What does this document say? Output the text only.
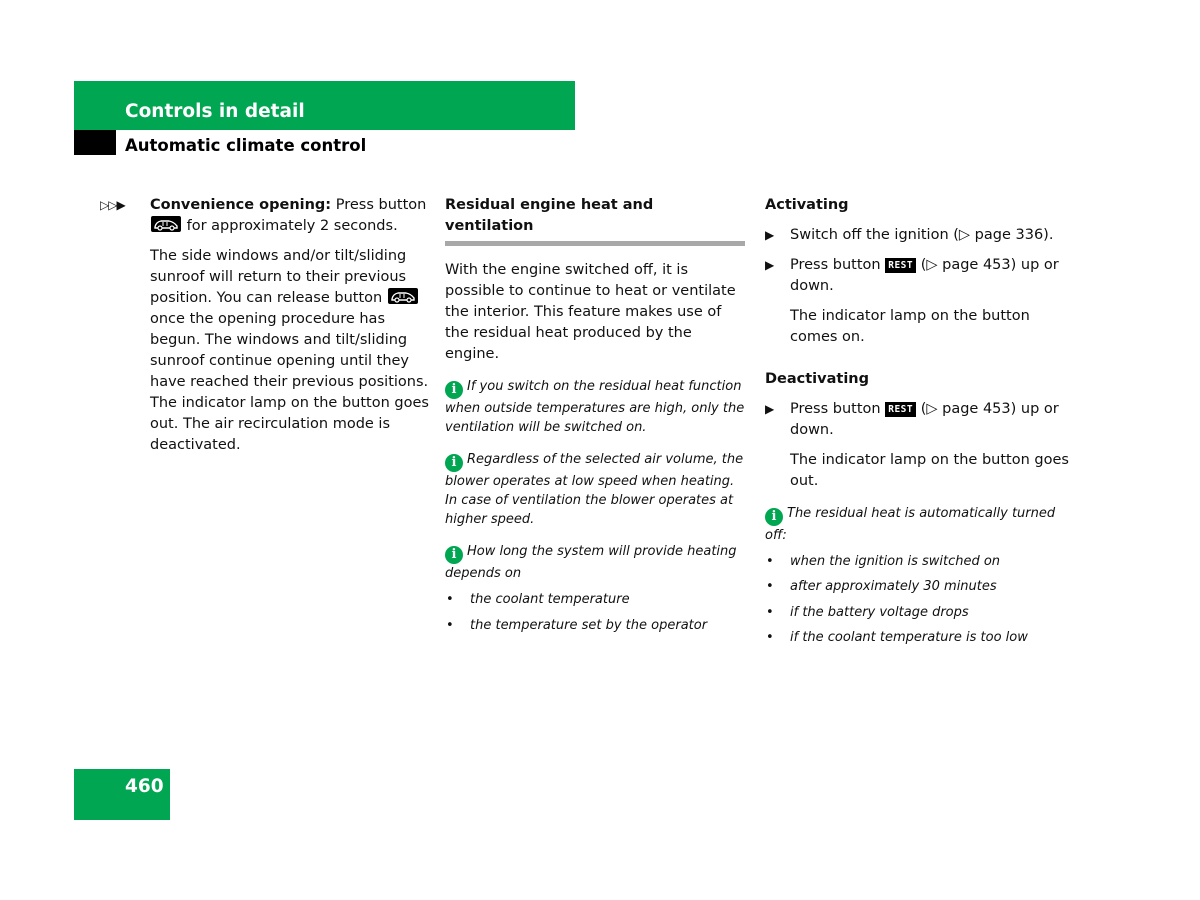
Controls in detail
Automatic climate control
▷▷▶ Convenience opening: Press button
for approximately 2 seconds.

The side windows and/or tilt/sliding sunroof will return to their previous position. You can release button
once the opening procedure has begun. The windows and tilt/sliding sunroof continue opening until they have reached their previous positions. The indicator lamp on the button goes out. The air recirculation mode is deactivated.

Residual engine heat and ventilation

With the engine switched off, it is possible to continue to heat or ventilate the interior. This feature makes use of the residual heat produced by the engine.

i If you switch on the residual heat function when outside temperatures are high, only the ventilation will be switched on.

i Regardless of the selected air volume, the blower operates at low speed when heating. In case of ventilation the blower operates at higher speed.

i How long the system will provide heating depends on

• the coolant temperature
• the temperature set by the operator
Activating
▶ Switch off the ignition (▷ page 336).

▶ Press button REST (▷ page 453) up or down.

The indicator lamp on the button comes on.

Deactivating
▶ Press button REST (▷ page 453) up or down.

The indicator lamp on the button goes out.

i The residual heat is automatically turned off:

• when the ignition is switched on
• after approximately 30 minutes
• if the battery voltage drops
• if the coolant temperature is too low
460
